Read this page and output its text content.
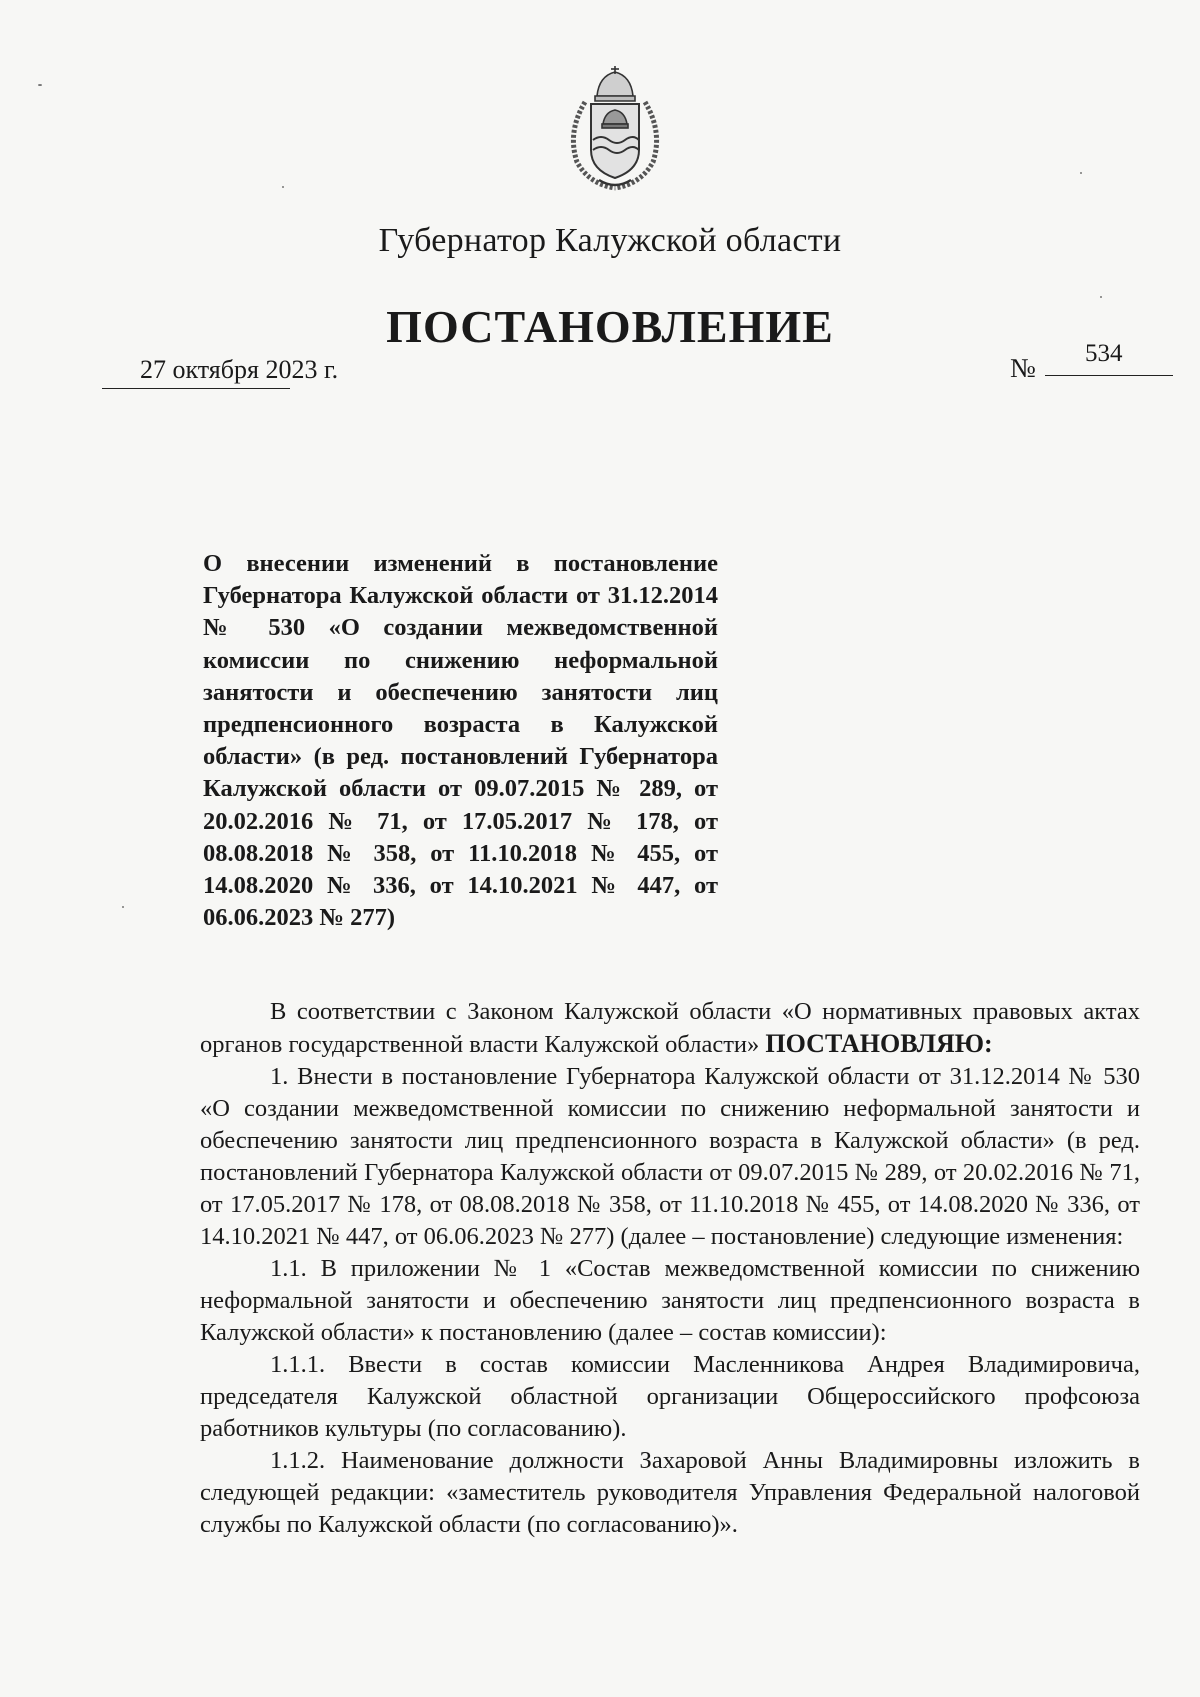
Губернатор Калужской области
ПОСТАНОВЛЕНИЕ
27 октября 2023 г.	№ 534
О внесении изменений в постановление Губернатора Калужской области от 31.12.2014 № 530 «О создании межведомственной комиссии по снижению неформальной занятости и обеспечению занятости лиц предпенсионного возраста в Калужской области» (в ред. постановлений Губернатора Калужской области от 09.07.2015 № 289, от 20.02.2016 № 71, от 17.05.2017 № 178, от 08.08.2018 № 358, от 11.10.2018 № 455, от 14.08.2020 № 336, от 14.10.2021 № 447, от 06.06.2023 № 277)

В соответствии с Законом Калужской области «О нормативных правовых актах органов государственной власти Калужской области» ПОСТАНОВЛЯЮ:

1. Внести в постановление Губернатора Калужской области от 31.12.2014 № 530 «О создании межведомственной комиссии по снижению неформальной занятости и обеспечению занятости лиц предпенсионного возраста в Калужской области» (в ред. постановлений Губернатора Калужской области от 09.07.2015 № 289, от 20.02.2016 № 71, от 17.05.2017 № 178, от 08.08.2018 № 358, от 11.10.2018 № 455, от 14.08.2020 № 336, от 14.10.2021 № 447, от 06.06.2023 № 277) (далее – постановление) следующие изменения:

1.1. В приложении № 1 «Состав межведомственной комиссии по снижению неформальной занятости и обеспечению занятости лиц предпенсионного возраста в Калужской области» к постановлению (далее – состав комиссии):

1.1.1. Ввести в состав комиссии Масленникова Андрея Владимировича, председателя Калужской областной организации Общероссийского профсоюза работников культуры (по согласованию).

1.1.2. Наименование должности Захаровой Анны Владимировны изложить в следующей редакции: «заместитель руководителя Управления Федеральной налоговой службы по Калужской области (по согласованию)».
